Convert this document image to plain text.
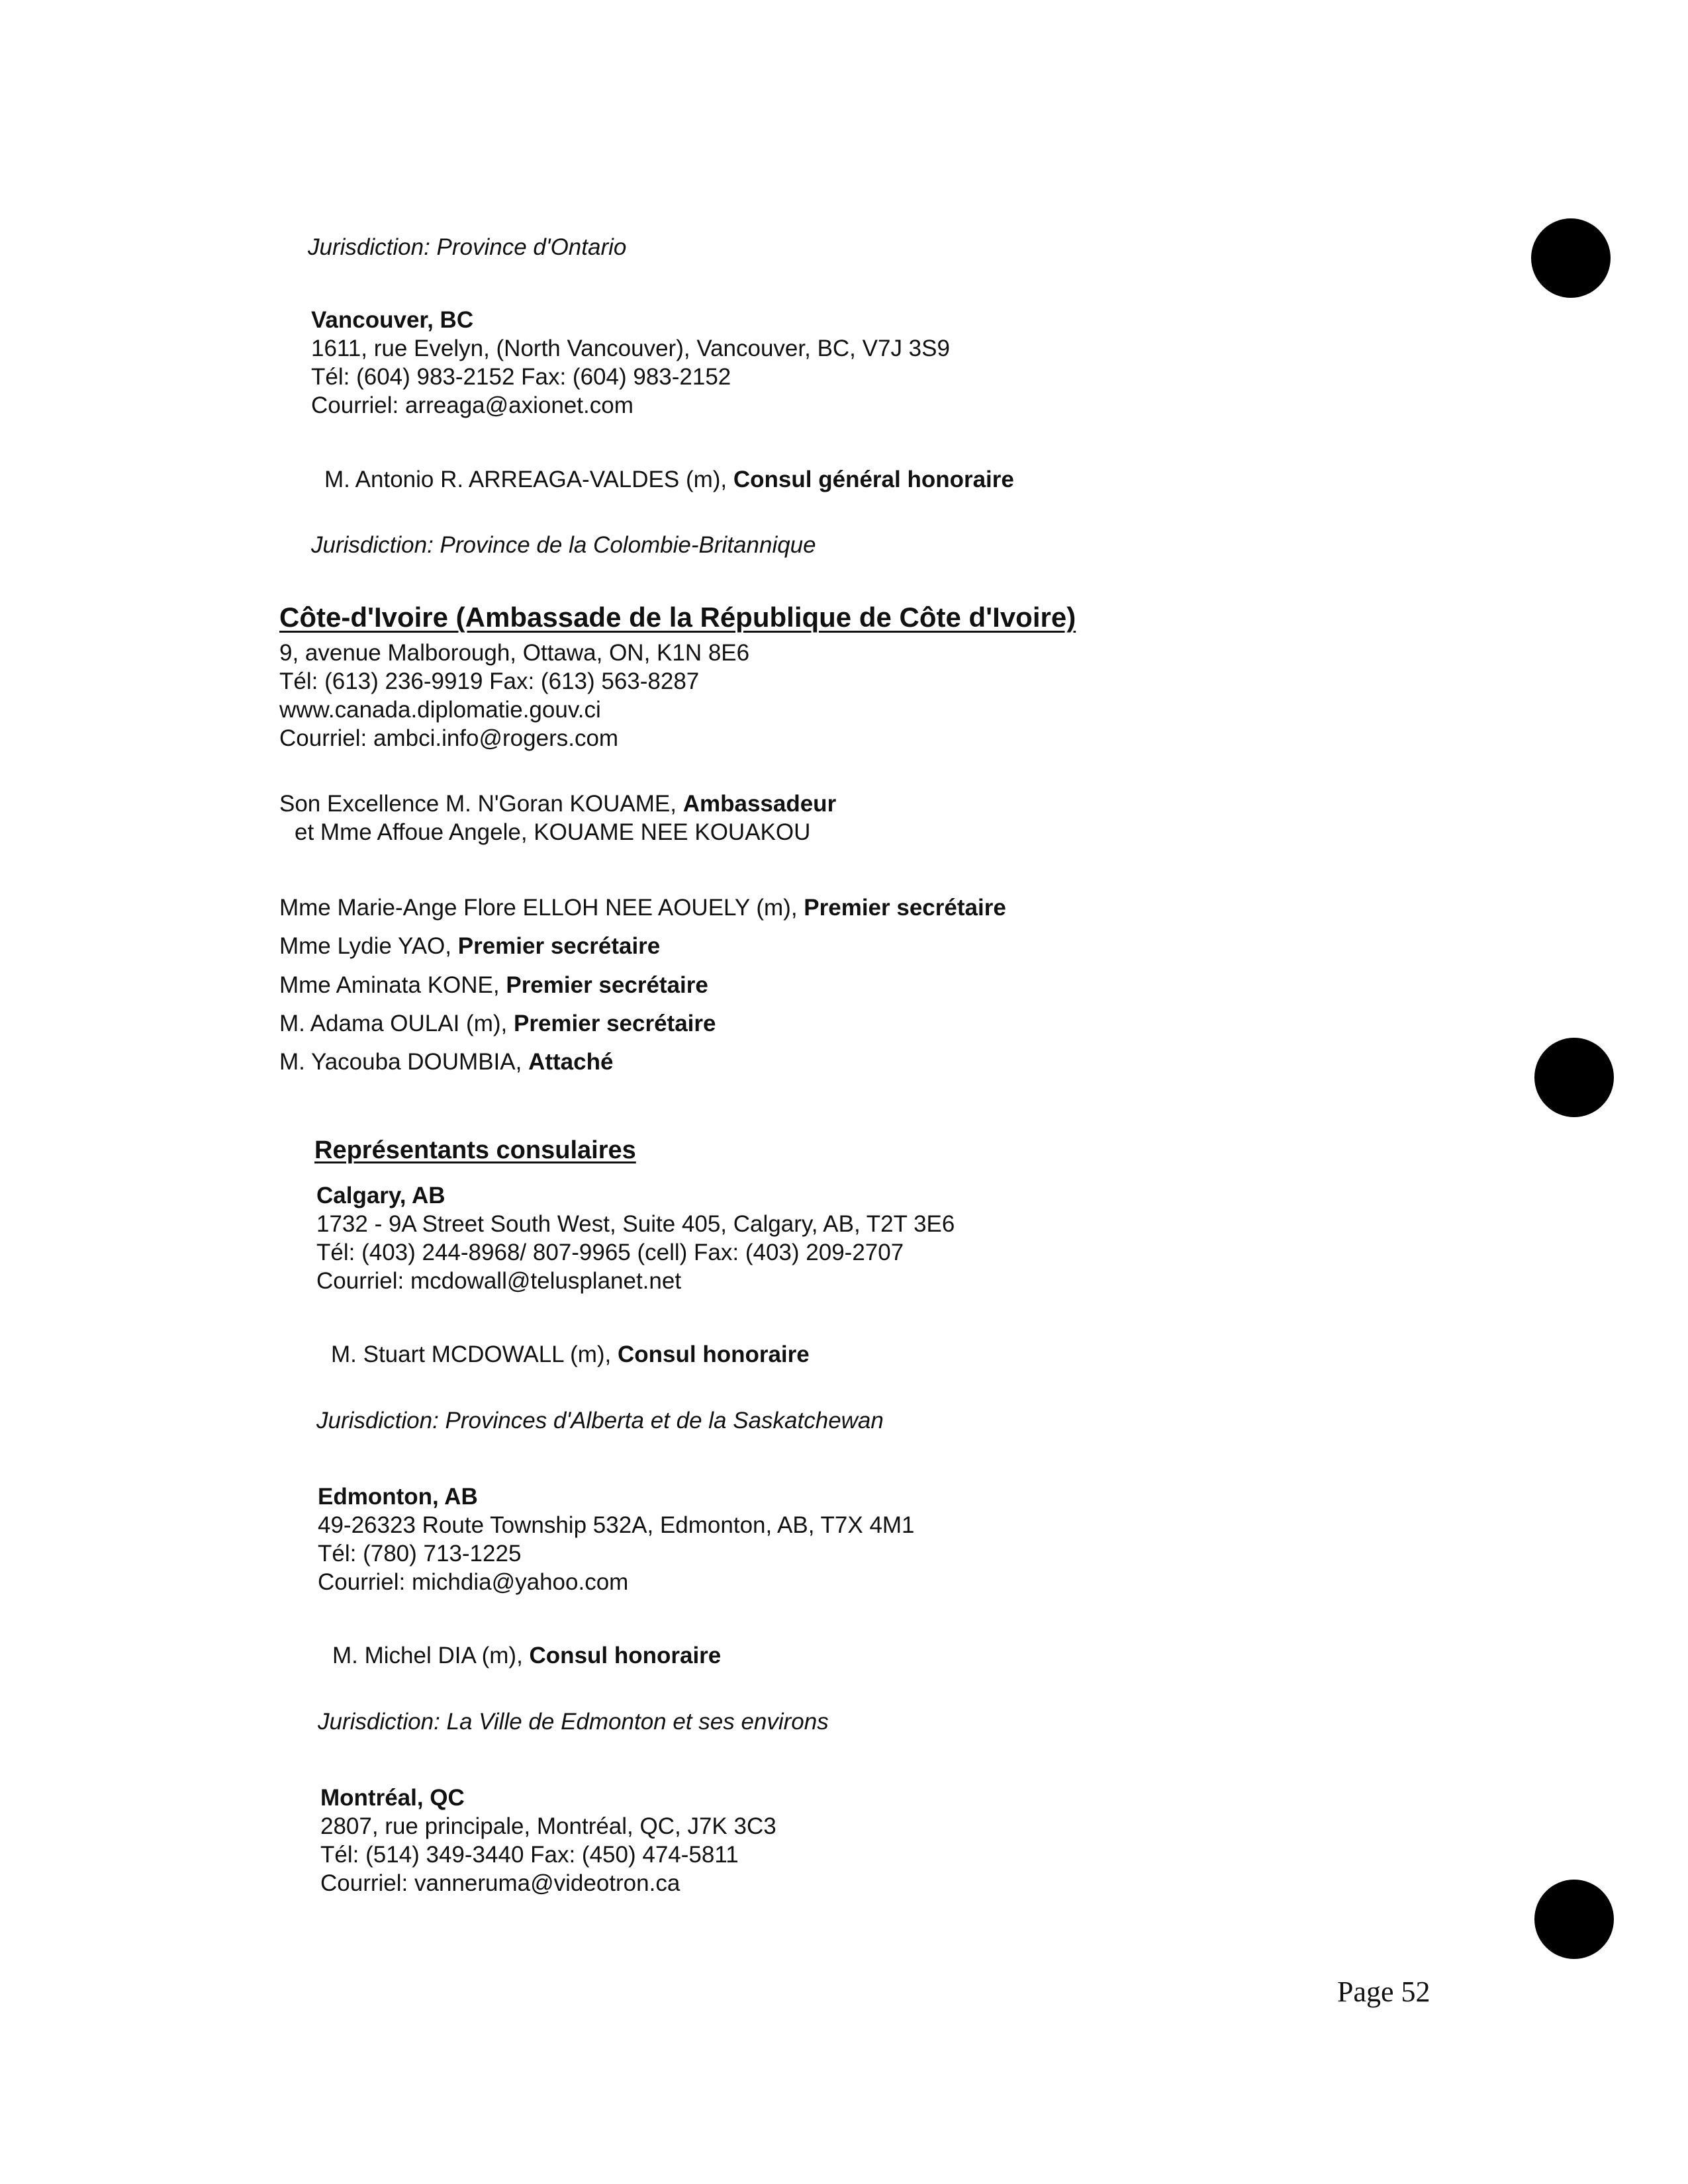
Jurisdiction: Province d'Ontario
Vancouver, BC
1611, rue Evelyn, (North Vancouver), Vancouver, BC, V7J 3S9
Tél: (604) 983-2152 Fax: (604) 983-2152
Courriel: arreaga@axionet.com
M. Antonio R. ARREAGA-VALDES (m), Consul général honoraire
Jurisdiction: Province de la Colombie-Britannique
Côte-d'Ivoire (Ambassade de la République de Côte d'Ivoire)
9, avenue Malborough, Ottawa, ON, K1N 8E6
Tél: (613) 236-9919 Fax: (613) 563-8287
www.canada.diplomatie.gouv.ci
Courriel: ambci.info@rogers.com
Son Excellence M. N'Goran KOUAME, Ambassadeur
et Mme Affoue Angele, KOUAME NEE KOUAKOU
Mme Marie-Ange Flore ELLOH NEE AOUELY (m), Premier secrétaire
Mme Lydie YAO, Premier secrétaire
Mme Aminata KONE, Premier secrétaire
M. Adama OULAI (m), Premier secrétaire
M. Yacouba DOUMBIA, Attaché
Représentants consulaires
Calgary, AB
1732 - 9A Street South West, Suite 405, Calgary, AB, T2T 3E6
Tél: (403) 244-8968/ 807-9965 (cell) Fax: (403) 209-2707
Courriel: mcdowall@telusplanet.net
M. Stuart MCDOWALL (m), Consul honoraire
Jurisdiction: Provinces d'Alberta et de la Saskatchewan
Edmonton, AB
49-26323 Route Township 532A, Edmonton, AB, T7X 4M1
Tél: (780) 713-1225
Courriel: michdia@yahoo.com
M. Michel DIA (m), Consul honoraire
Jurisdiction: La Ville de Edmonton et ses environs
Montréal, QC
2807, rue principale, Montréal, QC, J7K 3C3
Tél: (514) 349-3440 Fax: (450) 474-5811
Courriel: vanneruma@videotron.ca
Page 52
